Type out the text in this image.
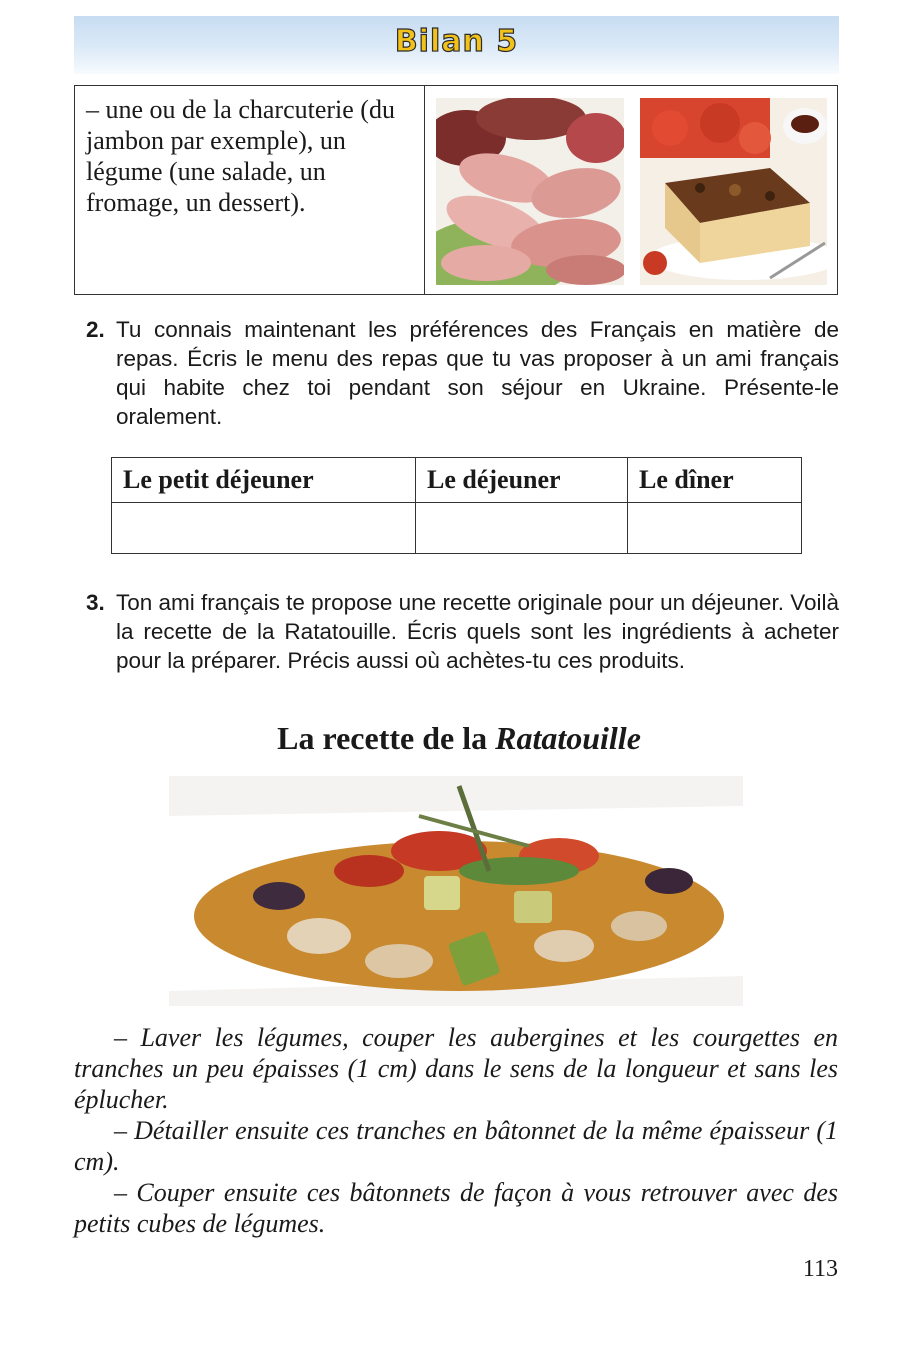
Bilan 5
– une ou de la charcuterie (du jambon par exemple), un légume (une salade, un fromage, un dessert).
2. Tu connais maintenant les préférences des Français en matière de repas. Écris le menu des repas que tu vas proposer à un ami français qui habite chez toi pendant son séjour en Ukraine. Présente-le oralement.
Le petit déjeuner	Le déjeuner	Le dîner

3. Ton ami français te propose une recette originale pour un déjeuner. Voilà la recette de la Ratatouille. Écris quels sont les ingrédients à acheter pour la préparer. Précis aussi où achètes-tu ces produits.
La recette de la Ratatouille

– Laver les légumes, couper les aubergines et les courgettes en tranches un peu épaisses (1 cm) dans le sens de la longueur et sans les éplucher.

– Détailler ensuite ces tranches en bâtonnet de la même épaisseur (1 cm).

– Couper ensuite ces bâtonnets de façon à vous retrouver avec des petits cubes de légumes.

113
